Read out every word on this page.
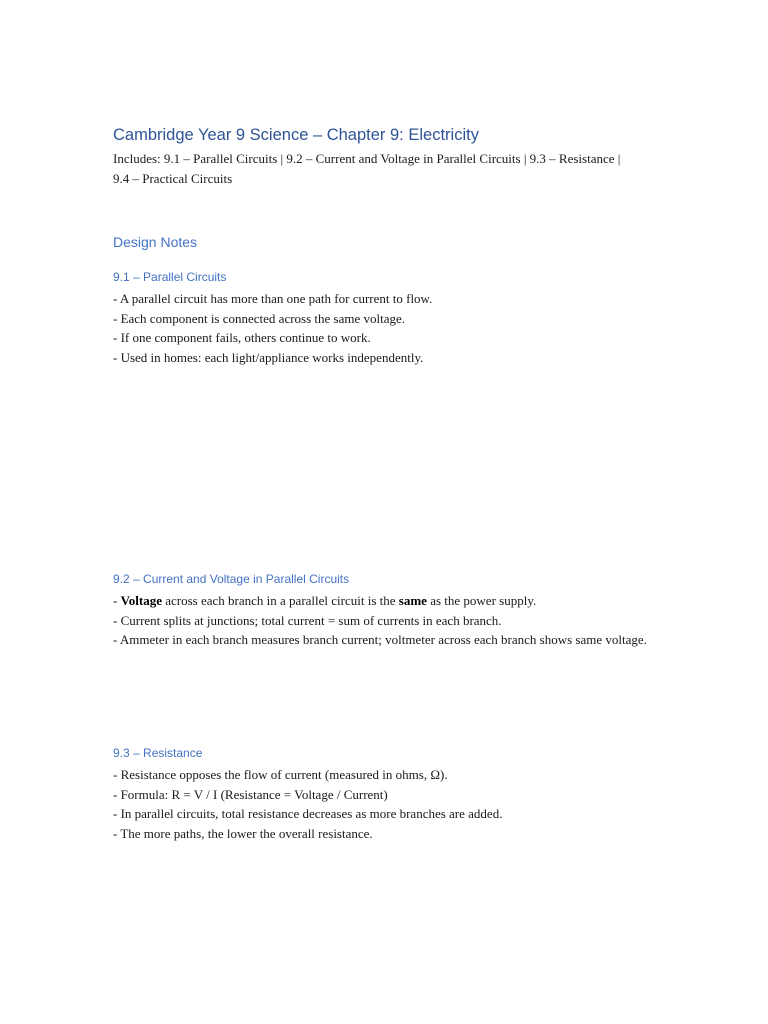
Cambridge Year 9 Science – Chapter 9: Electricity

Includes: 9.1 – Parallel Circuits | 9.2 – Current and Voltage in Parallel Circuits | 9.3 – Resistance | 9.4 – Practical Circuits

Design Notes
9.1 – Parallel Circuits

- A parallel circuit has more than one path for current to flow.

- Each component is connected across the same voltage.

- If one component fails, others continue to work.

- Used in homes: each light/appliance works independently.

9.2 – Current and Voltage in Parallel Circuits

- Voltage across each branch in a parallel circuit is the same as the power supply.

- Current splits at junctions; total current = sum of currents in each branch.

- Ammeter in each branch measures branch current; voltmeter across each branch shows same voltage.

9.3 – Resistance

- Resistance opposes the flow of current (measured in ohms, Ω).

- Formula: R = V / I (Resistance = Voltage / Current)

- In parallel circuits, total resistance decreases as more branches are added.

- The more paths, the lower the overall resistance.
